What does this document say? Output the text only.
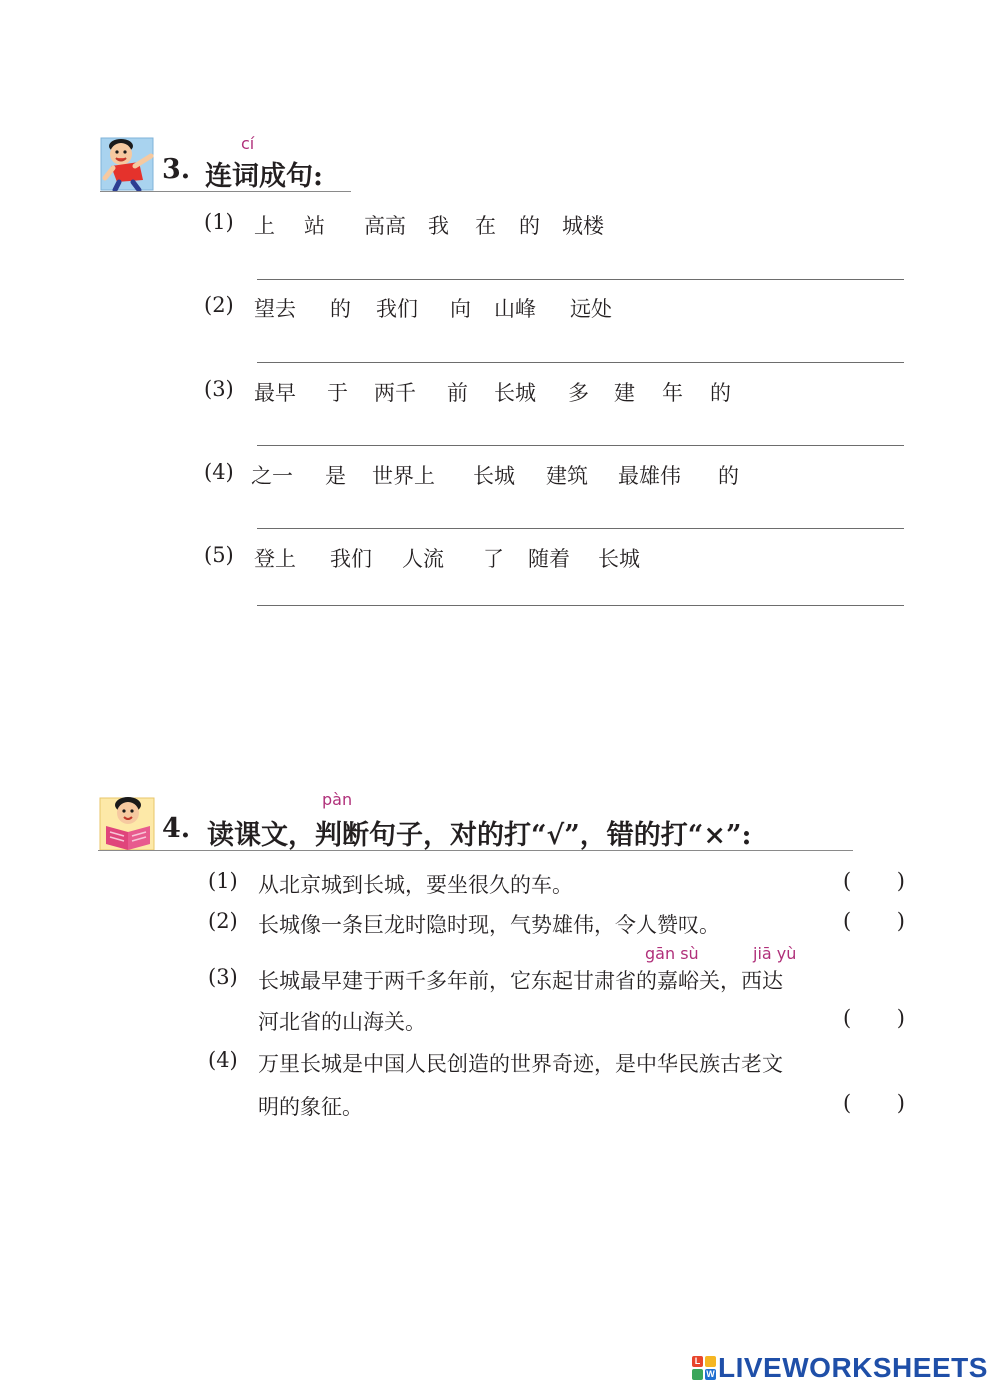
cí
3. 连词成句:
(1) 上 站 高高 我 在 的 城楼
(2) 望去 的 我们 向 山峰 远处
(3) 最早 于 两千 前 长城 多 建 年 的
(4) 之一 是 世界上 长城 建筑 最雄伟 的
(5) 登上 我们 人流 了 随着 长城
pàn
4. 读课文，判断句子，对的打“√”，错的打“×”:
(1) 从北京城到长城，要坐很久的车。	( )
(2) 长城像一条巨龙时隐时现，气势雄伟，令人赞叹。	( )
gān sù	jiā yù
(3) 长城最早建于两千多年前，它东起甘肃省的嘉峪关，西达
河北省的山海关。	( )
(4) 万里长城是中国人民创造的世界奇迹，是中华民族古老文
明的象征。	( )
L
W LIVEWORKSHEETS
